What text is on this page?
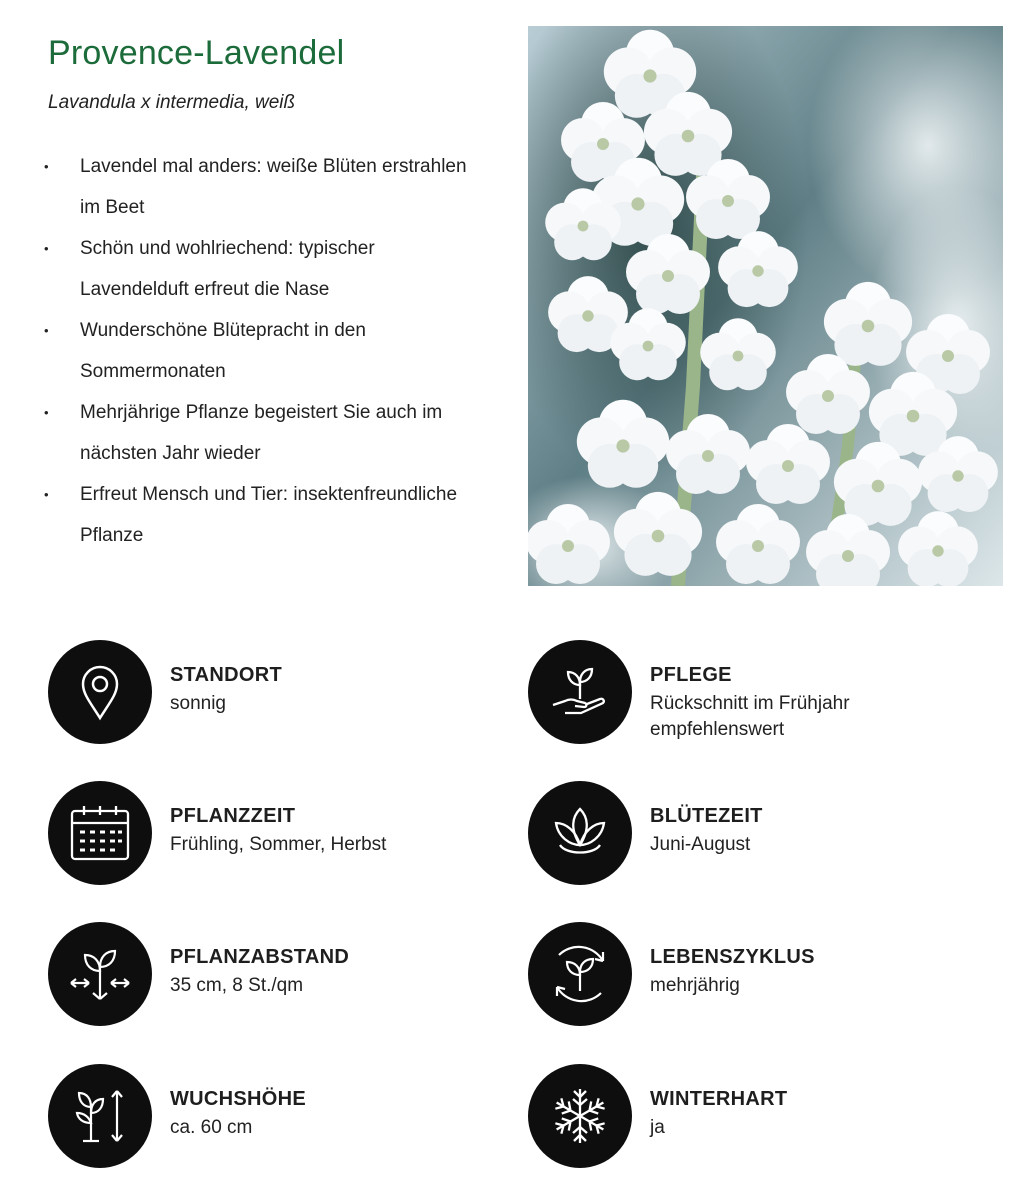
Provence-Lavendel
Lavandula x intermedia, weiß
• Lavendel mal anders: weiße Blüten erstrahlen im Beet
• Schön und wohlriechend: typischer Lavendelduft erfreut die Nase
• Wunderschöne Blütepracht in den Sommermonaten
• Mehrjährige Pflanze begeistert Sie auch im nächsten Jahr wieder
• Erfreut Mensch und Tier: insektenfreundliche Pflanze
STANDORT
sonnig
PFLEGE
Rückschnitt im Frühjahr empfehlenswert
PFLANZZEIT
Frühling, Sommer, Herbst
BLÜTEZEIT
Juni-August
PFLANZABSTAND
35 cm, 8 St./qm
LEBENSZYKLUS
mehrjährig
WUCHSHÖHE
ca. 60 cm
WINTERHART
ja
